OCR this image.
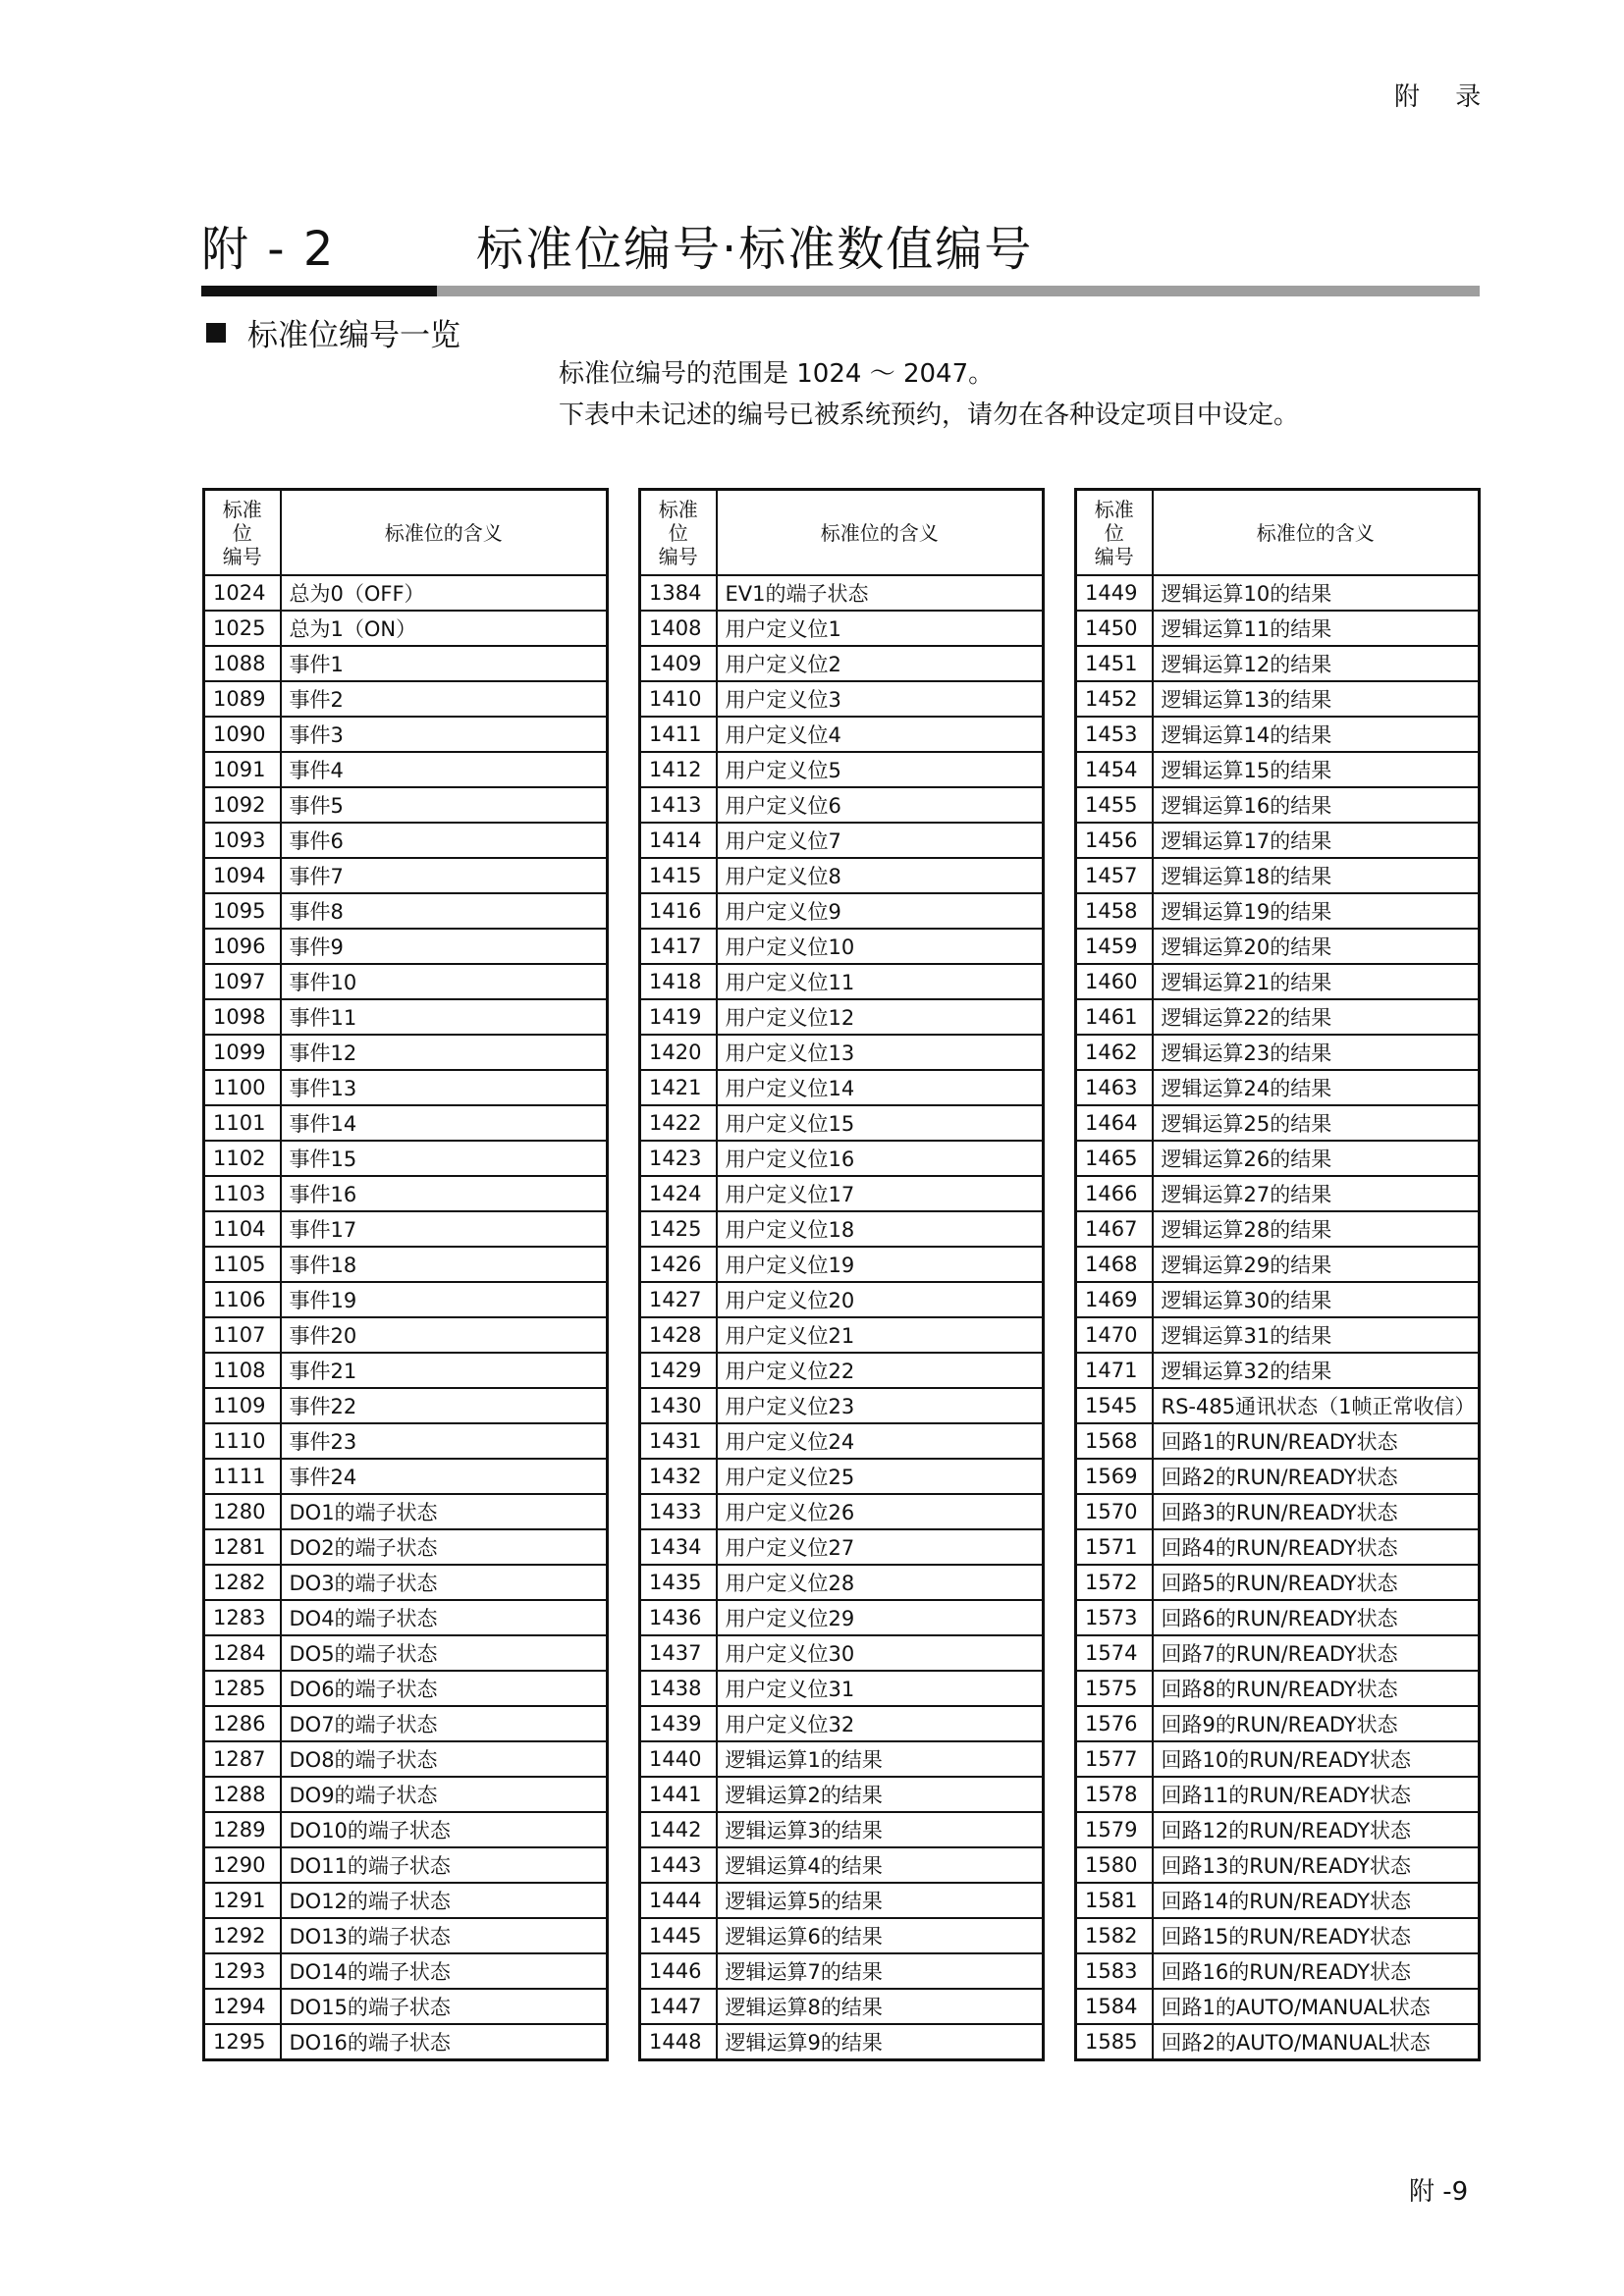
附 录
附 - 2	标准位编号·标准数值编号
标准位编号一览
标准位编号的范围是 1024 ～ 2047。
下表中未记述的编号已被系统预约，请勿在各种设定项目中设定。
标准
位
编号	标准位的含义
1024	总为0（OFF）
1025	总为1（ON）
1088	事件1
1089	事件2
1090	事件3
1091	事件4
1092	事件5
1093	事件6
1094	事件7
1095	事件8
1096	事件9
1097	事件10
1098	事件11
1099	事件12
1100	事件13
1101	事件14
1102	事件15
1103	事件16
1104	事件17
1105	事件18
1106	事件19
1107	事件20
1108	事件21
1109	事件22
1110	事件23
1111	事件24
1280	DO1的端子状态
1281	DO2的端子状态
1282	DO3的端子状态
1283	DO4的端子状态
1284	DO5的端子状态
1285	DO6的端子状态
1286	DO7的端子状态
1287	DO8的端子状态
1288	DO9的端子状态
1289	DO10的端子状态
1290	DO11的端子状态
1291	DO12的端子状态
1292	DO13的端子状态
1293	DO14的端子状态
1294	DO15的端子状态
1295	DO16的端子状态
标准
位
编号	标准位的含义
1384	EV1的端子状态
1408	用户定义位1
1409	用户定义位2
1410	用户定义位3
1411	用户定义位4
1412	用户定义位5
1413	用户定义位6
1414	用户定义位7
1415	用户定义位8
1416	用户定义位9
1417	用户定义位10
1418	用户定义位11
1419	用户定义位12
1420	用户定义位13
1421	用户定义位14
1422	用户定义位15
1423	用户定义位16
1424	用户定义位17
1425	用户定义位18
1426	用户定义位19
1427	用户定义位20
1428	用户定义位21
1429	用户定义位22
1430	用户定义位23
1431	用户定义位24
1432	用户定义位25
1433	用户定义位26
1434	用户定义位27
1435	用户定义位28
1436	用户定义位29
1437	用户定义位30
1438	用户定义位31
1439	用户定义位32
1440	逻辑运算1的结果
1441	逻辑运算2的结果
1442	逻辑运算3的结果
1443	逻辑运算4的结果
1444	逻辑运算5的结果
1445	逻辑运算6的结果
1446	逻辑运算7的结果
1447	逻辑运算8的结果
1448	逻辑运算9的结果
标准
位
编号	标准位的含义
1449	逻辑运算10的结果
1450	逻辑运算11的结果
1451	逻辑运算12的结果
1452	逻辑运算13的结果
1453	逻辑运算14的结果
1454	逻辑运算15的结果
1455	逻辑运算16的结果
1456	逻辑运算17的结果
1457	逻辑运算18的结果
1458	逻辑运算19的结果
1459	逻辑运算20的结果
1460	逻辑运算21的结果
1461	逻辑运算22的结果
1462	逻辑运算23的结果
1463	逻辑运算24的结果
1464	逻辑运算25的结果
1465	逻辑运算26的结果
1466	逻辑运算27的结果
1467	逻辑运算28的结果
1468	逻辑运算29的结果
1469	逻辑运算30的结果
1470	逻辑运算31的结果
1471	逻辑运算32的结果
1545	RS-485通讯状态（1帧正常收信）
1568	回路1的RUN/READY状态
1569	回路2的RUN/READY状态
1570	回路3的RUN/READY状态
1571	回路4的RUN/READY状态
1572	回路5的RUN/READY状态
1573	回路6的RUN/READY状态
1574	回路7的RUN/READY状态
1575	回路8的RUN/READY状态
1576	回路9的RUN/READY状态
1577	回路10的RUN/READY状态
1578	回路11的RUN/READY状态
1579	回路12的RUN/READY状态
1580	回路13的RUN/READY状态
1581	回路14的RUN/READY状态
1582	回路15的RUN/READY状态
1583	回路16的RUN/READY状态
1584	回路1的AUTO/MANUAL状态
1585	回路2的AUTO/MANUAL状态
附 -9
